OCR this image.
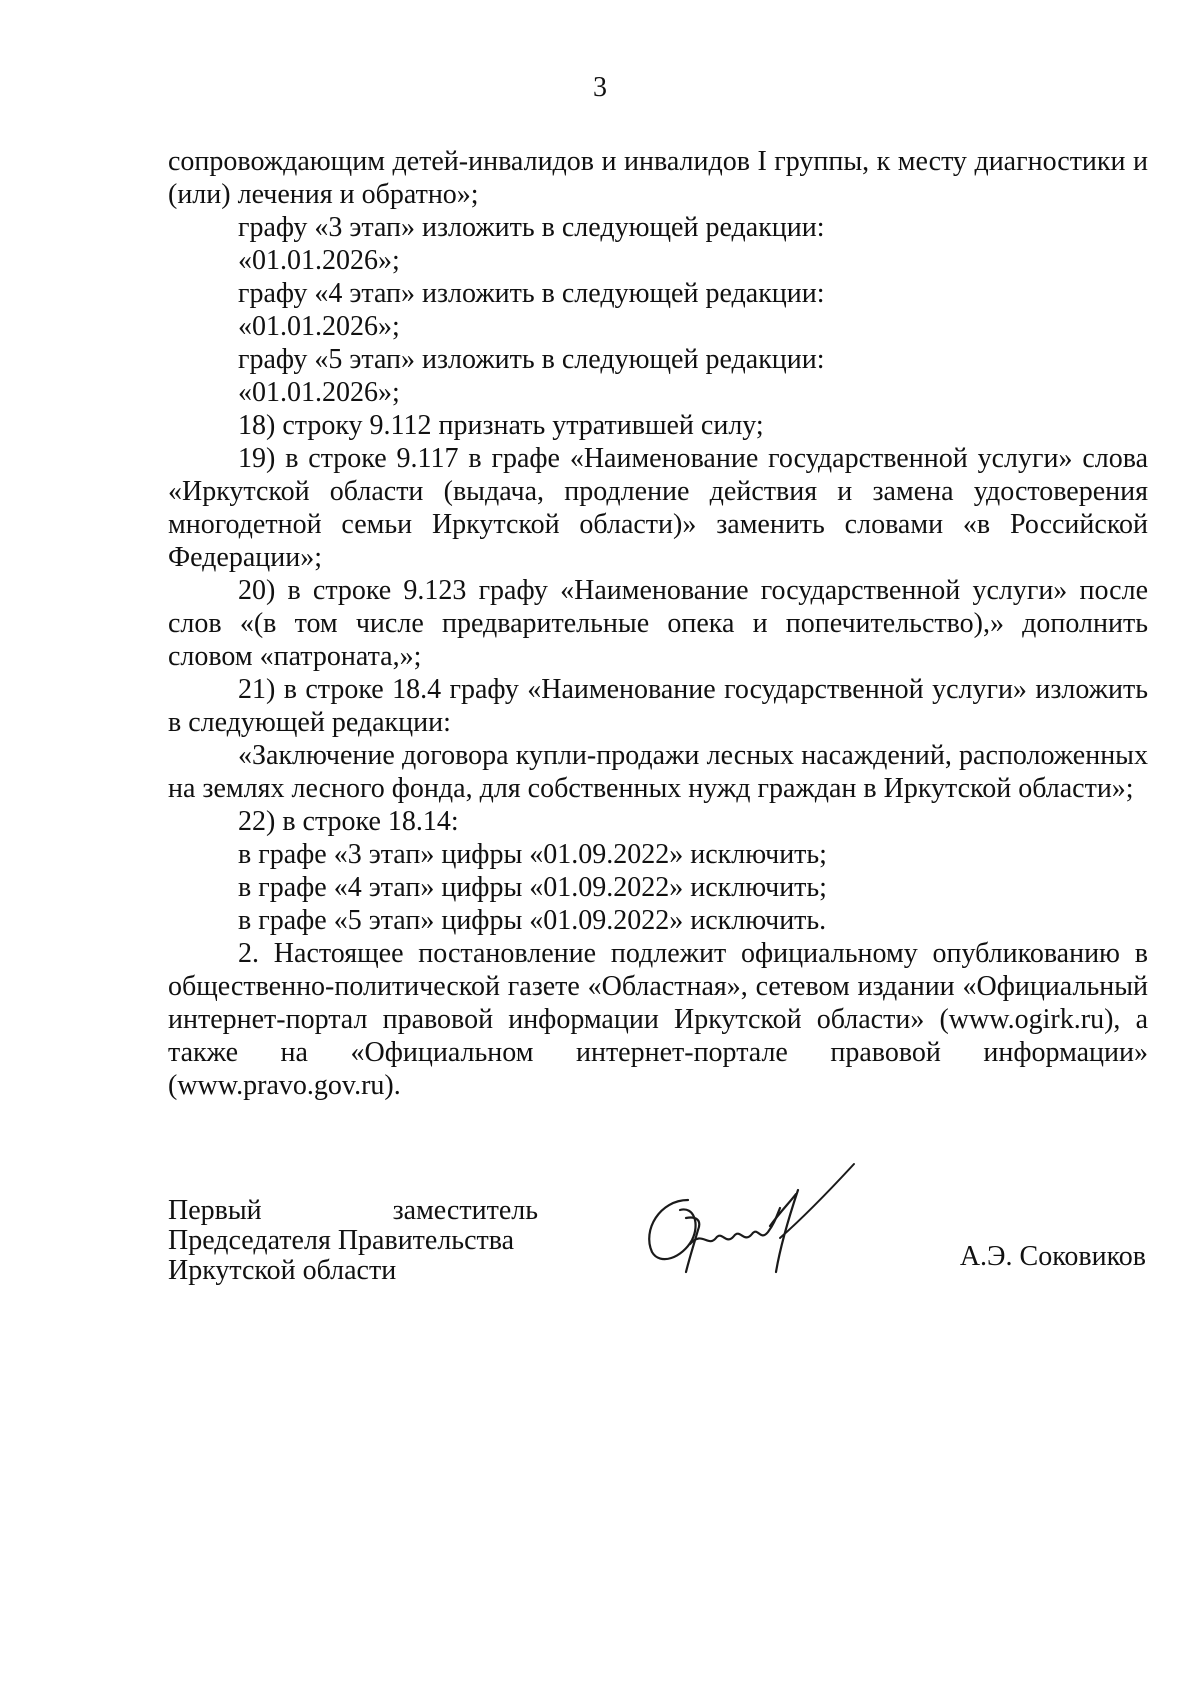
3

сопровождающим детей-инвалидов и инвалидов I группы, к месту диагностики и (или) лечения и обратно»;

графу «3 этап» изложить в следующей редакции:

«01.01.2026»;

графу «4 этап» изложить в следующей редакции:

«01.01.2026»;

графу «5 этап» изложить в следующей редакции:

«01.01.2026»;

18) строку 9.112 признать утратившей силу;

19) в строке 9.117 в графе «Наименование государственной услуги» слова «Иркутской области (выдача, продление действия и замена удостоверения многодетной семьи Иркутской области)» заменить словами «в Российской Федерации»;

20) в строке 9.123 графу «Наименование государственной услуги» после слов «(в том числе предварительные опека и попечительство),» дополнить словом «патроната,»;

21) в строке 18.4 графу «Наименование государственной услуги» изложить в следующей редакции:

«Заключение договора купли-продажи лесных насаждений, расположенных на землях лесного фонда, для собственных нужд граждан в Иркутской области»;

22) в строке 18.14:

в графе «3 этап» цифры «01.09.2022» исключить;

в графе «4 этап» цифры «01.09.2022» исключить;

в графе «5 этап» цифры «01.09.2022» исключить.

2. Настоящее постановление подлежит официальному опубликованию в общественно-политической газете «Областная», сетевом издании «Официальный интернет-портал правовой информации Иркутской области» (www.ogirk.ru), а также на «Официальном интернет-портале правовой информации» (www.pravo.gov.ru).

Первый заместитель

Председателя Правительства

Иркутской области	А.Э. Соковиков
